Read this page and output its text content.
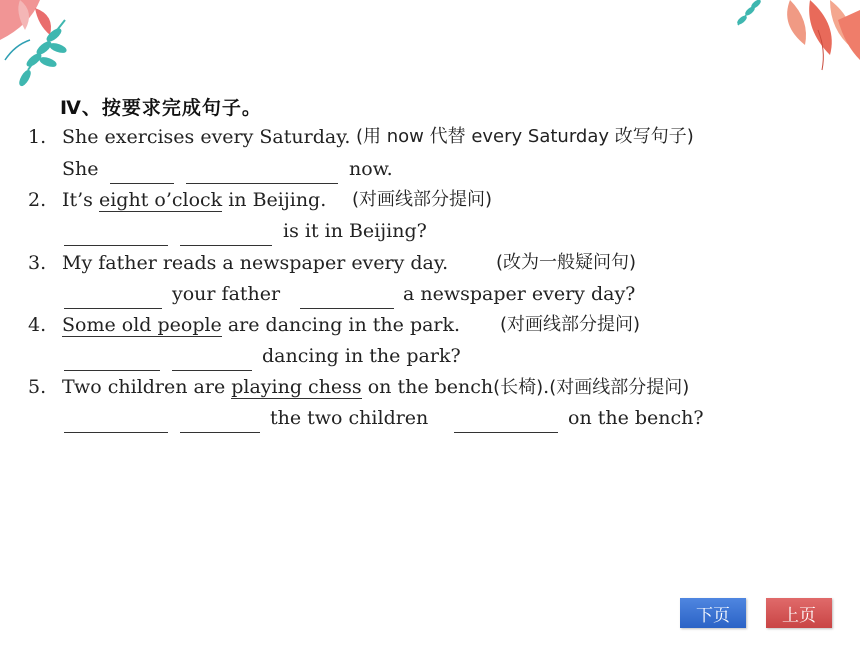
Ⅳ、按要求完成句子。
1. She exercises every Saturday. (用 now 代替 every Saturday 改写句子)
She	now.
2. It’s eight o’clock in Beijing. (对画线部分提问)
is it in Beijing?
3. My father reads a newspaper every day.	(改为一般疑问句)
your father	a newspaper every day?
4. Some old people are dancing in the park. (对画线部分提问)
dancing in the park?
5. Two children are playing chess on the bench(长椅).(对画线部分提问)
the two children	on the bench?
下页	上页
